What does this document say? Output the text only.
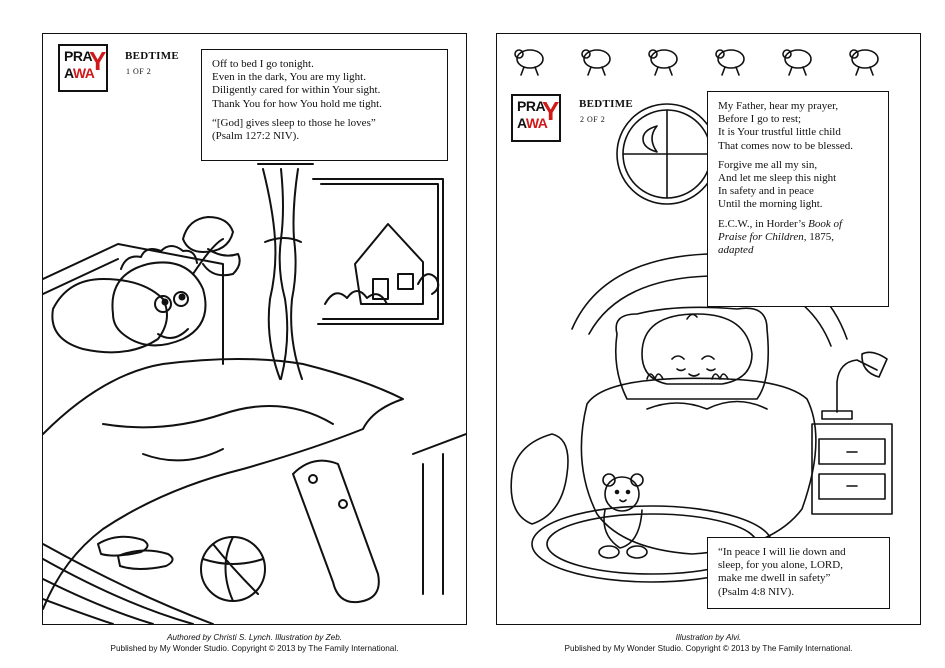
PRA
Y
AWA
BEDTIME
1 OF 2

Off to bed I go tonight.
Even in the dark, You are my light.
Diligently cared for within Your sight.
Thank You for how You hold me tight.

“[God] gives sleep to those he loves”
(Psalm 127:2 NIV).

PRA
Y
AWA
BEDTIME
2 OF 2

My Father, hear my prayer,
Before I go to rest;
It is Your trustful little child
That comes now to be blessed.

Forgive me all my sin,
And let me sleep this night
In safety and in peace
Until the morning light.

E.C.W., in Horder’s Book of
Praise for Children, 1875,
adapted

“In peace I will lie down and
sleep, for you alone, LORD,
make me dwell in safety”
(Psalm 4:8 NIV).

Authored by Christi S. Lynch. Illustration by Zeb.
Published by My Wonder Studio. Copyright © 2013 by The Family International.
Illustration by Alvi.
Published by My Wonder Studio. Copyright © 2013 by The Family International.
